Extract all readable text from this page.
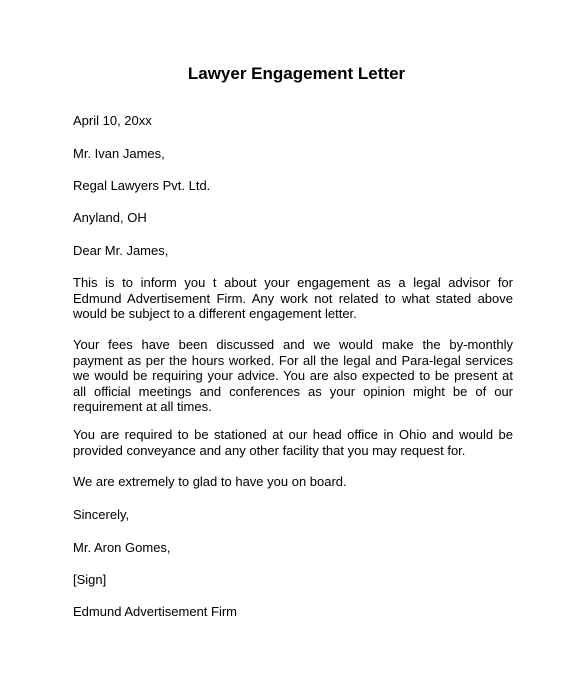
Lawyer Engagement Letter
April 10, 20xx
Mr. Ivan James,
Regal Lawyers Pvt. Ltd.
Anyland, OH
Dear Mr. James,
This is to inform you t about your engagement as a legal advisor for Edmund Advertisement Firm. Any work not related to what stated above would be subject to a different engagement letter.
Your fees have been discussed and we would make the by-monthly payment as per the hours worked. For all the legal and Para-legal services we would be requiring your advice. You are also expected to be present at all official meetings and conferences as your opinion might be of our requirement at all times.
You are required to be stationed at our head office in Ohio and would be provided conveyance and any other facility that you may request for.
We are extremely to glad to have you on board.
Sincerely,
Mr. Aron Gomes,
[Sign]
Edmund Advertisement Firm
